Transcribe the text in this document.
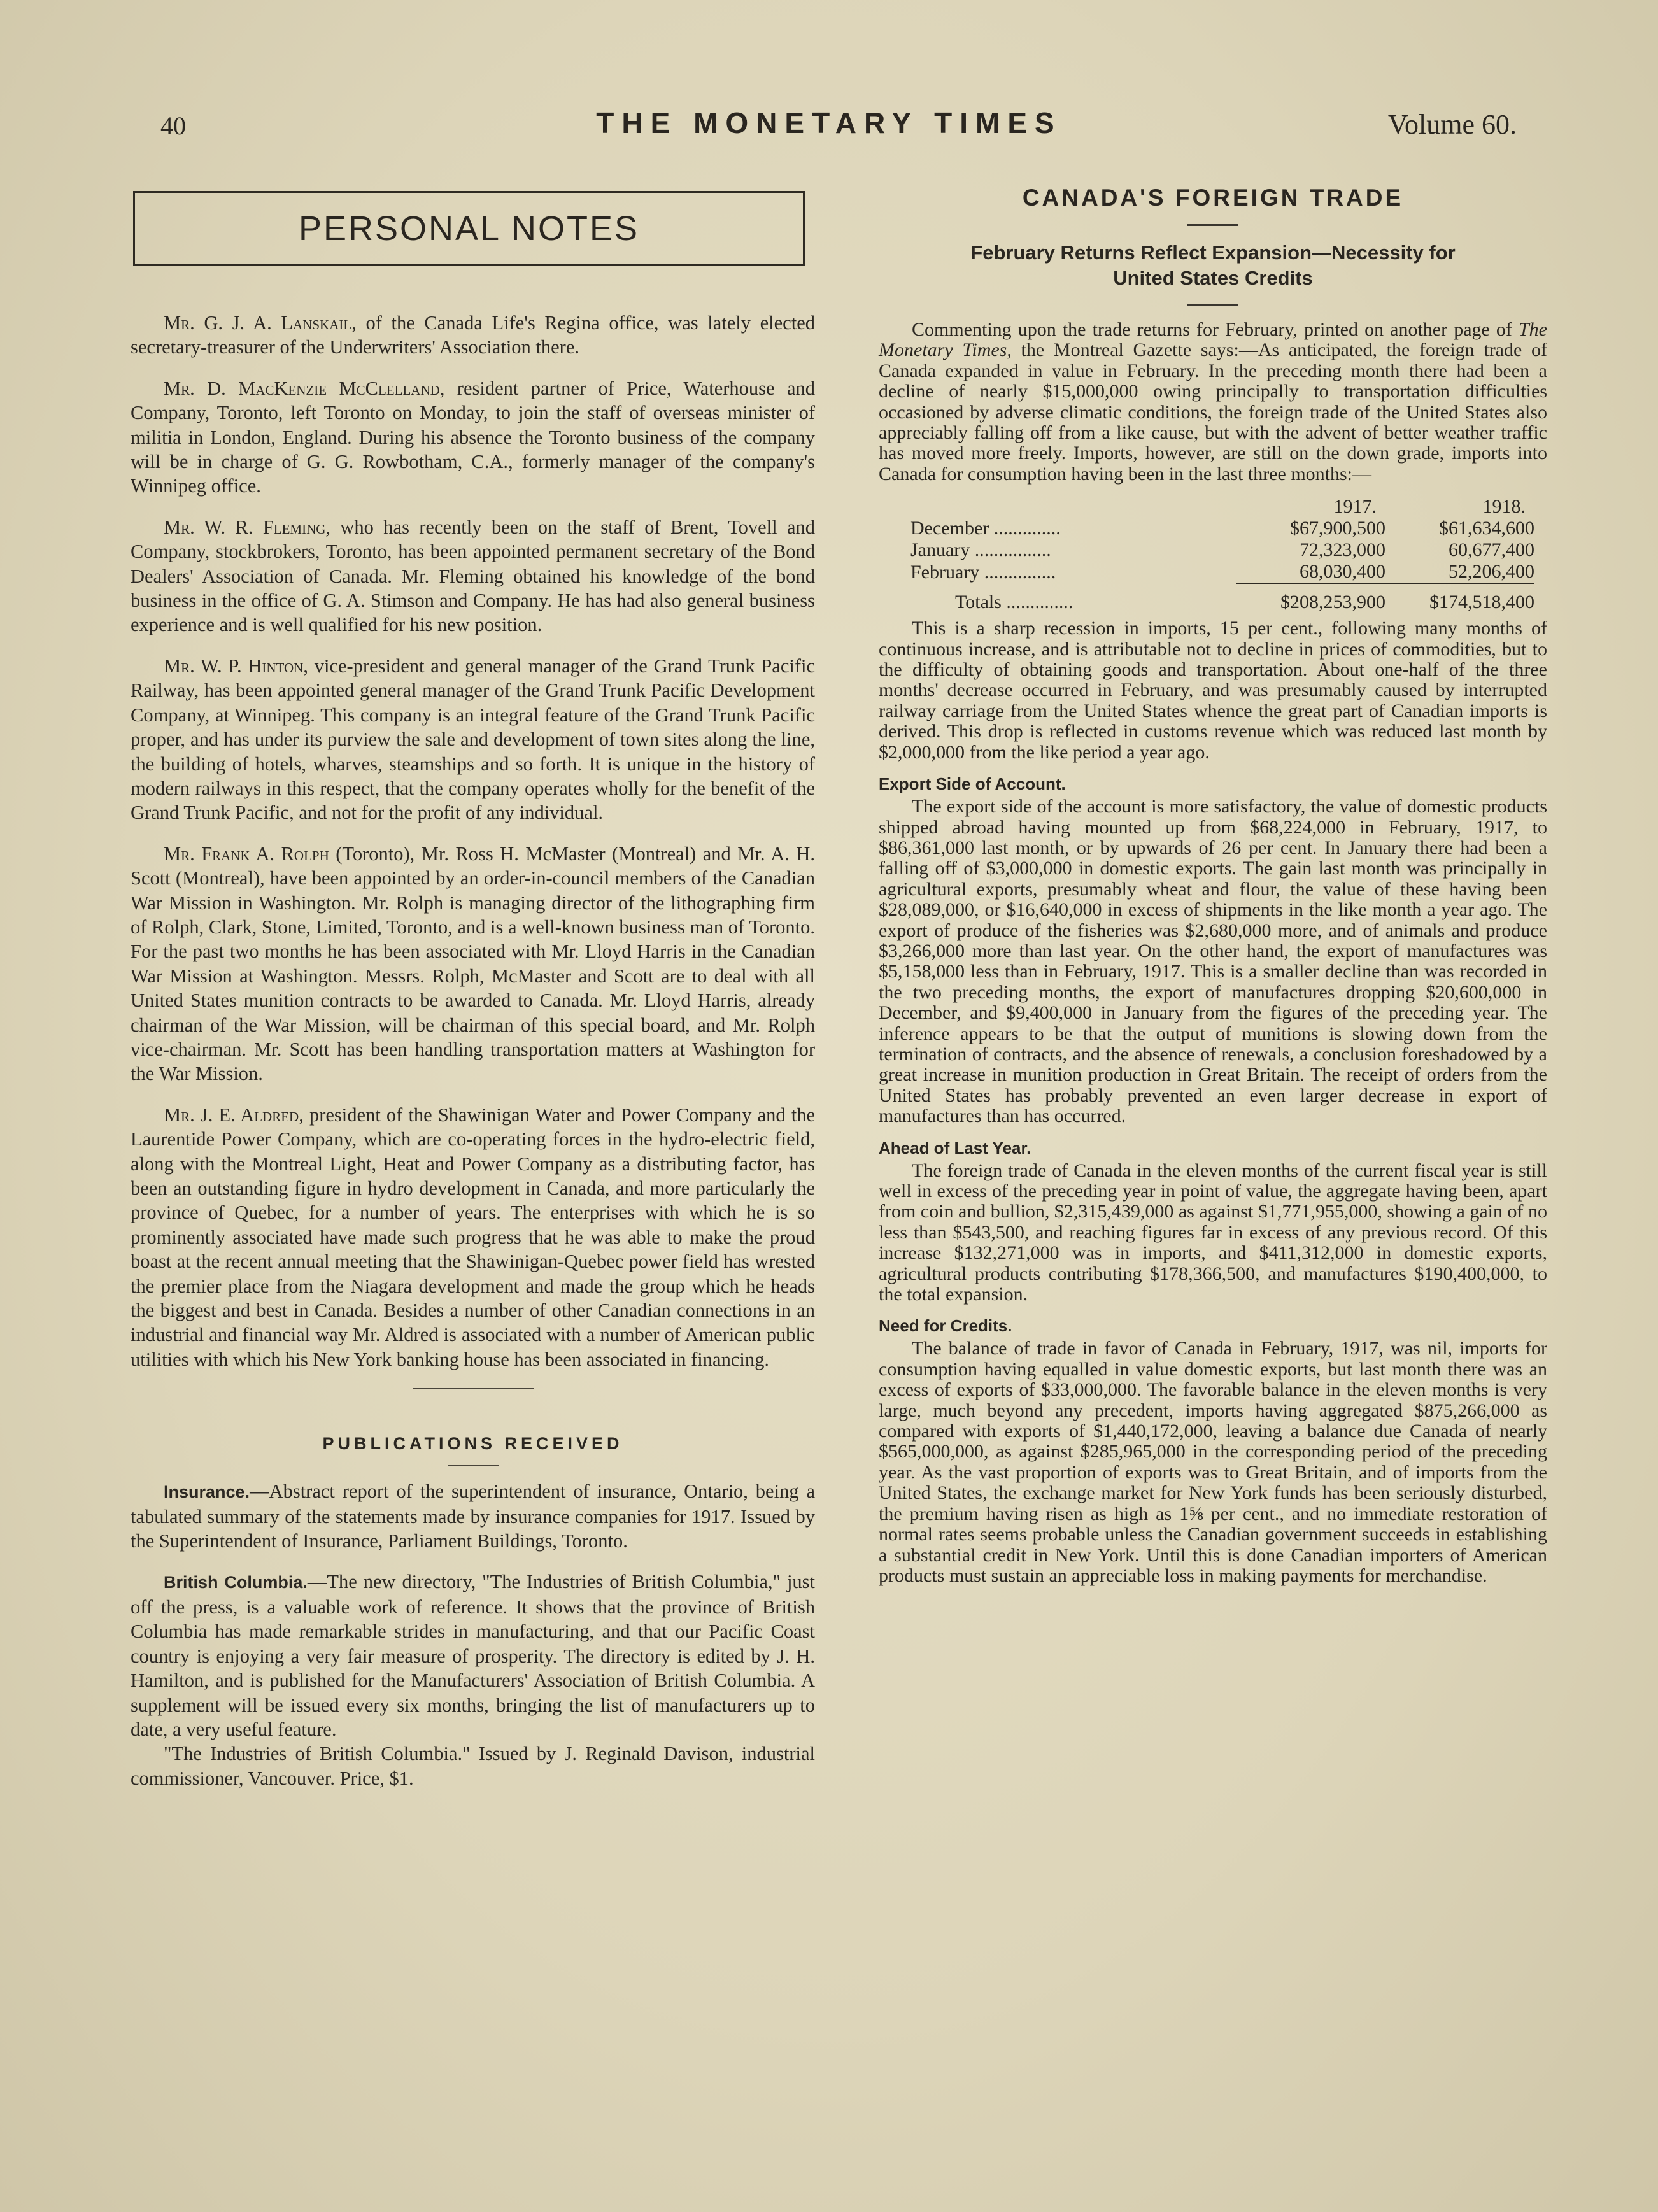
40	THE MONETARY TIMES	Volume 60.
PERSONAL NOTES

Mr. G. J. A. Lanskail, of the Canada Life's Regina office, was lately elected secretary-treasurer of the Underwriters' Association there.

Mr. D. MacKenzie McClelland, resident partner of Price, Waterhouse and Company, Toronto, left Toronto on Monday, to join the staff of overseas minister of militia in London, England. During his absence the Toronto business of the company will be in charge of G. G. Rowbotham, C.A., formerly manager of the company's Winnipeg office.

Mr. W. R. Fleming, who has recently been on the staff of Brent, Tovell and Company, stockbrokers, Toronto, has been appointed permanent secretary of the Bond Dealers' Association of Canada. Mr. Fleming obtained his knowledge of the bond business in the office of G. A. Stimson and Company. He has had also general business experience and is well qualified for his new position.

Mr. W. P. Hinton, vice-president and general manager of the Grand Trunk Pacific Railway, has been appointed general manager of the Grand Trunk Pacific Development Company, at Winnipeg. This company is an integral feature of the Grand Trunk Pacific proper, and has under its purview the sale and development of town sites along the line, the building of hotels, wharves, steamships and so forth. It is unique in the history of modern railways in this respect, that the company operates wholly for the benefit of the Grand Trunk Pacific, and not for the profit of any individual.

Mr. Frank A. Rolph (Toronto), Mr. Ross H. McMaster (Montreal) and Mr. A. H. Scott (Montreal), have been appointed by an order-in-council members of the Canadian War Mission in Washington. Mr. Rolph is managing director of the lithographing firm of Rolph, Clark, Stone, Limited, Toronto, and is a well-known business man of Toronto. For the past two months he has been associated with Mr. Lloyd Harris in the Canadian War Mission at Washington. Messrs. Rolph, McMaster and Scott are to deal with all United States munition contracts to be awarded to Canada. Mr. Lloyd Harris, already chairman of the War Mission, will be chairman of this special board, and Mr. Rolph vice-chairman. Mr. Scott has been handling transportation matters at Washington for the War Mission.

Mr. J. E. Aldred, president of the Shawinigan Water and Power Company and the Laurentide Power Company, which are co-operating forces in the hydro-electric field, along with the Montreal Light, Heat and Power Company as a distributing factor, has been an outstanding figure in hydro development in Canada, and more particularly the province of Quebec, for a number of years. The enterprises with which he is so prominently associated have made such progress that he was able to make the proud boast at the recent annual meeting that the Shawinigan-Quebec power field has wrested the premier place from the Niagara development and made the group which he heads the biggest and best in Canada. Besides a number of other Canadian connections in an industrial and financial way Mr. Aldred is associated with a number of American public utilities with which his New York banking house has been associated in financing.

PUBLICATIONS RECEIVED

Insurance.—Abstract report of the superintendent of insurance, Ontario, being a tabulated summary of the statements made by insurance companies for 1917. Issued by the Superintendent of Insurance, Parliament Buildings, Toronto.

British Columbia.—The new directory, "The Industries of British Columbia," just off the press, is a valuable work of reference. It shows that the province of British Columbia has made remarkable strides in manufacturing, and that our Pacific Coast country is enjoying a very fair measure of prosperity. The directory is edited by J. H. Hamilton, and is published for the Manufacturers' Association of British Columbia. A supplement will be issued every six months, bringing the list of manufacturers up to date, a very useful feature.

"The Industries of British Columbia." Issued by J. Reginald Davison, industrial commissioner, Vancouver. Price, $1.

CANADA'S FOREIGN TRADE
February Returns Reflect Expansion—Necessity for
United States Credits

Commenting upon the trade returns for February, printed on another page of The Monetary Times, the Montreal Gazette says:—As anticipated, the foreign trade of Canada expanded in value in February. In the preceding month there had been a decline of nearly $15,000,000 owing principally to transportation difficulties occasioned by adverse climatic conditions, the foreign trade of the United States also appreciably falling off from a like cause, but with the advent of better weather traffic has moved more freely. Imports, however, are still on the down grade, imports into Canada for consumption having been in the last three months:—

	1917.	1918.
December ..............	$67,900,500	$61,634,600
January ................	72,323,000	60,677,400
February ...............	68,030,400	52,206,400
Totals ..............	$208,253,900	$174,518,400

This is a sharp recession in imports, 15 per cent., following many months of continuous increase, and is attributable not to decline in prices of commodities, but to the difficulty of obtaining goods and transportation. About one-half of the three months' decrease occurred in February, and was presumably caused by interrupted railway carriage from the United States whence the great part of Canadian imports is derived. This drop is reflected in customs revenue which was reduced last month by $2,000,000 from the like period a year ago.

Export Side of Account.

The export side of the account is more satisfactory, the value of domestic products shipped abroad having mounted up from $68,224,000 in February, 1917, to $86,361,000 last month, or by upwards of 26 per cent. In January there had been a falling off of $3,000,000 in domestic exports. The gain last month was principally in agricultural exports, presumably wheat and flour, the value of these having been $28,089,000, or $16,640,000 in excess of shipments in the like month a year ago. The export of produce of the fisheries was $2,680,000 more, and of animals and produce $3,266,000 more than last year. On the other hand, the export of manufactures was $5,158,000 less than in February, 1917. This is a smaller decline than was recorded in the two preceding months, the export of manufactures dropping $20,600,000 in December, and $9,400,000 in January from the figures of the preceding year. The inference appears to be that the output of munitions is slowing down from the termination of contracts, and the absence of renewals, a conclusion foreshadowed by a great increase in munition production in Great Britain. The receipt of orders from the United States has probably prevented an even larger decrease in export of manufactures than has occurred.

Ahead of Last Year.

The foreign trade of Canada in the eleven months of the current fiscal year is still well in excess of the preceding year in point of value, the aggregate having been, apart from coin and bullion, $2,315,439,000 as against $1,771,955,000, showing a gain of no less than $543,500, and reaching figures far in excess of any previous record. Of this increase $132,271,000 was in imports, and $411,312,000 in domestic exports, agricultural products contributing $178,366,500, and manufactures $190,400,000, to the total expansion.

Need for Credits.

The balance of trade in favor of Canada in February, 1917, was nil, imports for consumption having equalled in value domestic exports, but last month there was an excess of exports of $33,000,000. The favorable balance in the eleven months is very large, much beyond any precedent, imports having aggregated $875,266,000 as compared with exports of $1,440,172,000, leaving a balance due Canada of nearly $565,000,000, as against $285,965,000 in the corresponding period of the preceding year. As the vast proportion of exports was to Great Britain, and of imports from the United States, the exchange market for New York funds has been seriously disturbed, the premium having risen as high as 1⅝ per cent., and no immediate restoration of normal rates seems probable unless the Canadian government succeeds in establishing a substantial credit in New York. Until this is done Canadian importers of American products must sustain an appreciable loss in making payments for merchandise.
